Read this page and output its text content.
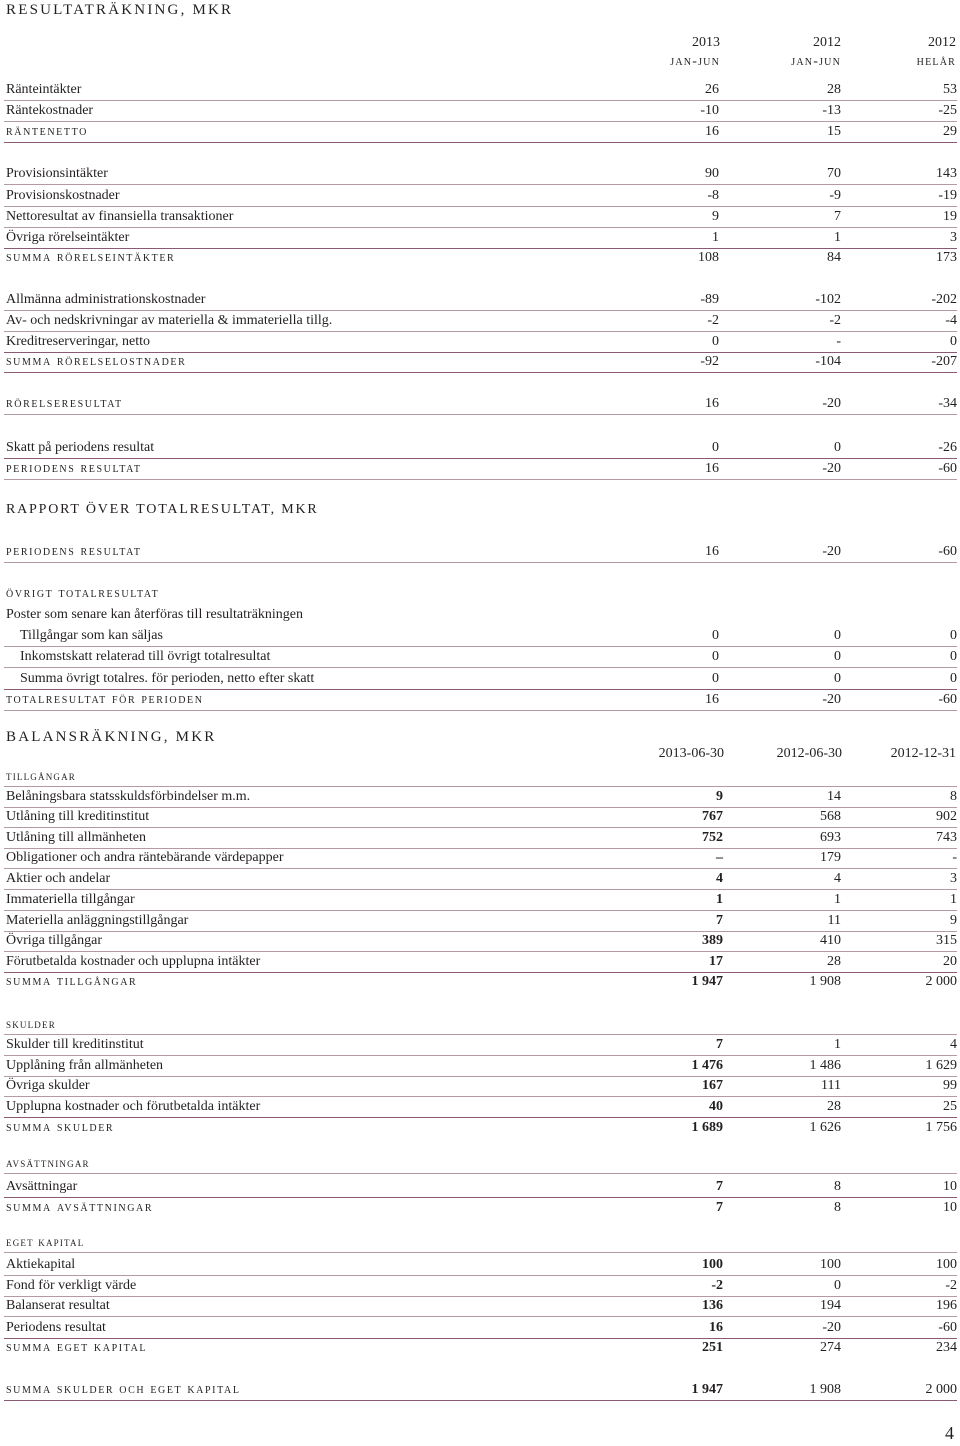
RESULTATRÄKNING, MKR
2013	2012	2012
jan-jun	jan-jun	helår
Ränteintäkter	26	28	53
Räntekostnader	-10	-13	-25
räntenetto	16	15	29
Provisionsintäkter	90	70	143
Provisionskostnader	-8	-9	-19
Nettoresultat av finansiella transaktioner	9	7	19
Övriga rörelseintäkter	1	1	3
summa rörelseintäkter	108	84	173
Allmänna administrationskostnader	-89	-102	-202
Av- och nedskrivningar av materiella & immateriella tillg.	-2	-2	-4
Kreditreserveringar, netto	0	-	0
summa rörelselostnader	-92	-104	-207
rörelseresultat	16	-20	-34
Skatt på periodens resultat	0	0	-26
periodens resultat	16	-20	-60
periodens resultat	16	-20	-60
övrigt totalresultat
Poster som senare kan återföras till resultaträkningen
Tillgångar som kan säljas	0	0	0
Inkomstskatt relaterad till övrigt totalresultat	0	0	0
Summa övrigt totalres. för perioden, netto efter skatt	0	0	0
totalresultat för perioden	16	-20	-60
RAPPORT ÖVER TOTALRESULTAT, MKR
BALANSRÄKNING, MKR
2013-06-30	2012-06-30	2012-12-31
tillgångar
Belåningsbara statsskuldsförbindelser m.m.	9	14	8
Utlåning till kreditinstitut	767	568	902
Utlåning till allmänheten	752	693	743
Obligationer och andra räntebärande värdepapper	–	179	-
Aktier och andelar	4	4	3
Immateriella tillgångar	1	1	1
Materiella anläggningstillgångar	7	11	9
Övriga tillgångar	389	410	315
Förutbetalda kostnader och upplupna intäkter	17	28	20
summa tillgångar	1 947	1 908	2 000
skulder
Skulder till kreditinstitut	7	1	4
Upplåning från allmänheten	1 476	1 486	1 629
Övriga skulder	167	111	99
Upplupna kostnader och förutbetalda intäkter	40	28	25
summa skulder	1 689	1 626	1 756
avsättningar
Avsättningar	7	8	10
summa avsättningar	7	8	10
eget kapital
Aktiekapital	100	100	100
Fond för verkligt värde	-2	0	-2
Balanserat resultat	136	194	196
Periodens resultat	16	-20	-60
summa eget kapital	251	274	234
summa skulder och eget kapital	1 947	1 908	2 000
4
